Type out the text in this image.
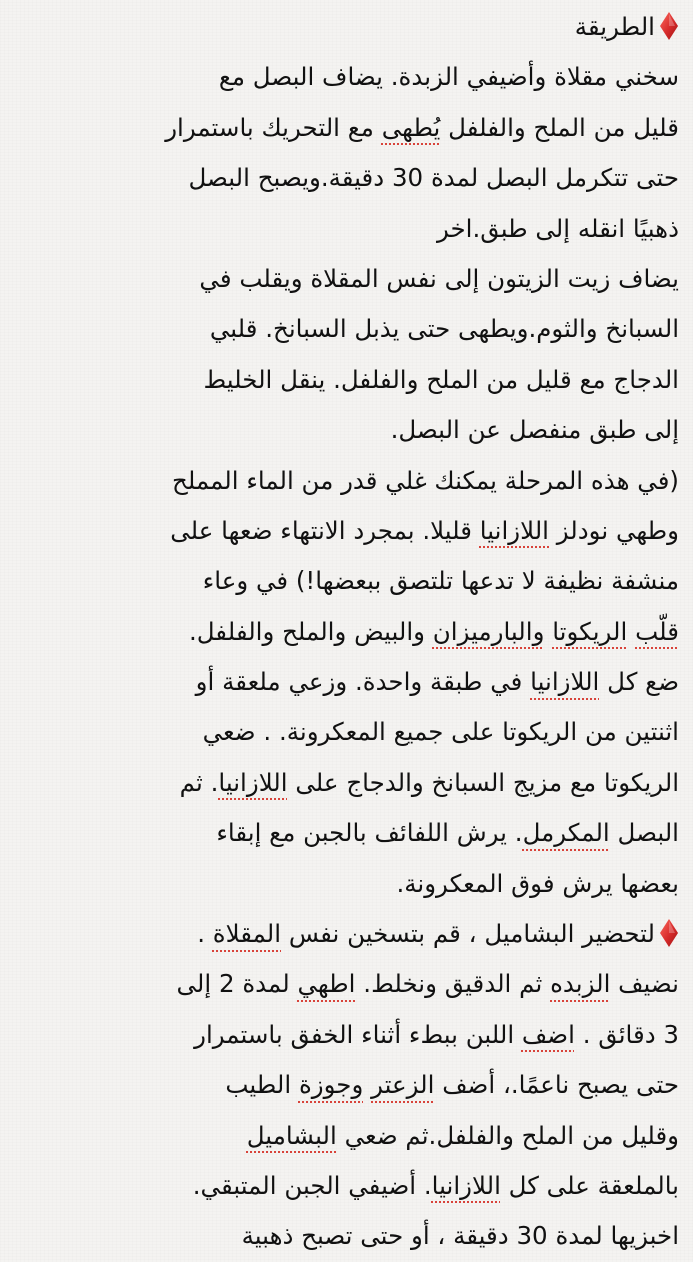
الطريقة
سخني مقلاة وأضيفي الزبدة. يضاف البصل مع
قليل من الملح والفلفل يُطهى مع التحريك باستمرار
حتى تتكرمل البصل لمدة 30 دقيقة.ويصبح البصل
ذهبيًا انقله إلى طبق.اخر
يضاف زيت الزيتون إلى نفس المقلاة ويقلب في
السبانخ والثوم.ويطهى حتى يذبل السبانخ. قلبي
الدجاج مع قليل من الملح والفلفل. ينقل الخليط
إلى طبق منفصل عن البصل.
(في هذه المرحلة يمكنك غلي قدر من الماء المملح
وطهي نودلز اللازانيا قليلا. بمجرد الانتهاء ضعها على
منشفة نظيفة لا تدعها تلتصق ببعضها!) في وعاء
قلّب الريكوتا والبارميزان والبيض والملح والفلفل.
ضع كل اللازانيا في طبقة واحدة. وزعي ملعقة أو
اثنتين من الريكوتا على جميع المعكرونة. . ضعي
الريكوتا مع مزيج السبانخ والدجاج على اللازانيا. ثم
البصل المكرمل. يرش اللفائف بالجبن مع إبقاء
بعضها يرش فوق المعكرونة.
لتحضير البشاميل ، قم بتسخين نفس المقلاة .
نضيف الزبده ثم الدقيق ونخلط. اطهي لمدة 2 إلى
3 دقائق . اضف اللبن ببطء أثناء الخفق باستمرار
حتى يصبح ناعمًا.، أضف الزعتر وجوزة الطيب
وقليل من الملح والفلفل.ثم ضعي البشاميل
بالملعقة على كل اللازانيا. أضيفي الجبن المتبقي.
اخبزيها لمدة 30 دقيقة ، أو حتى تصبح ذهبية
